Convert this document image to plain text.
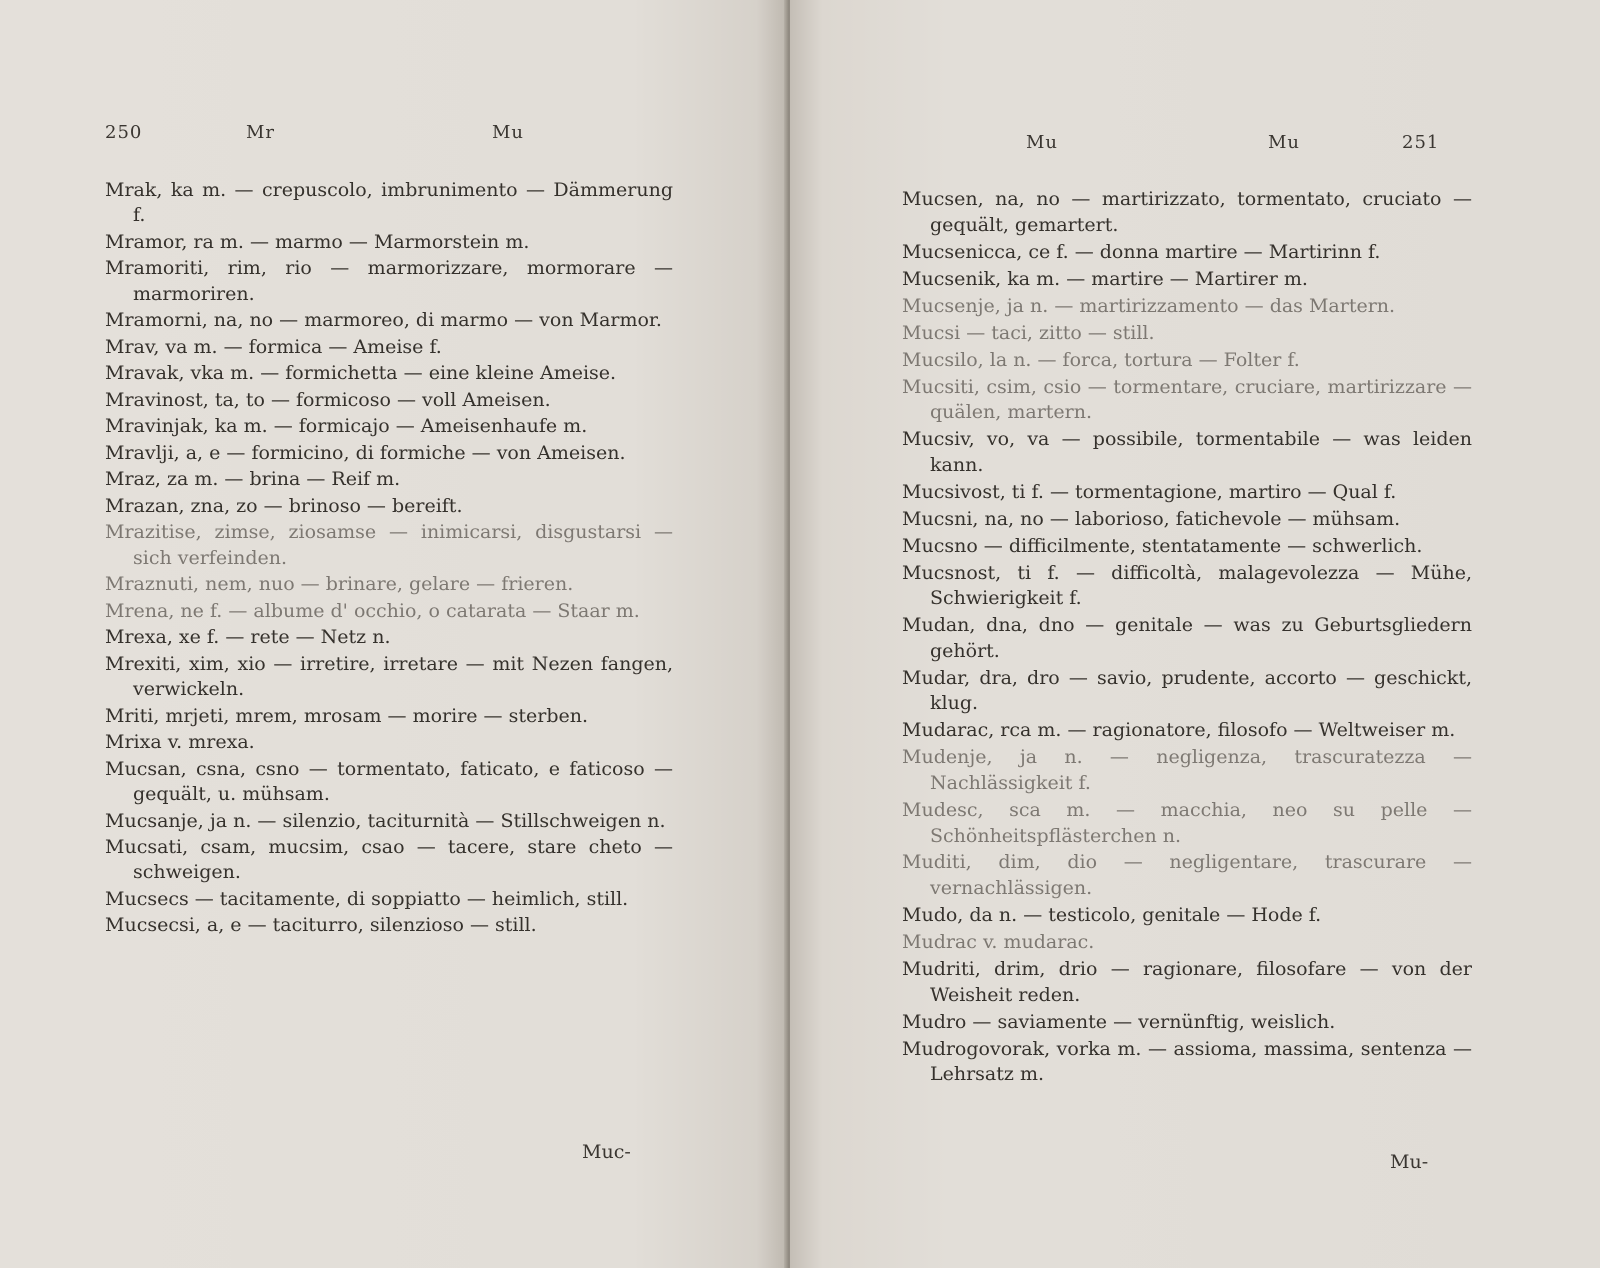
250	Mr	Mu
Mrak, ka m. — crepuscolo, imbrunimento — Dämmerung f.
Mramor, ra m. — marmo — Marmorstein m.
Mramoriti, rim, rio — marmorizzare, mormorare — marmoriren.
Mramorni, na, no — marmoreo, di marmo — von Marmor.
Mrav, va m. — formica — Ameise f.
Mravak, vka m. — formichetta — eine kleine Ameise.
Mravinost, ta, to — formicoso — voll Ameisen.
Mravinjak, ka m. — formicajo — Ameisenhaufe m.
Mravlji, a, e — formicino, di formiche — von Ameisen.
Mraz, za m. — brina — Reif m.
Mrazan, zna, zo — brinoso — bereift.
Mrazitise, zimse, ziosamse — inimicarsi, disgustarsi — sich verfeinden.
Mraznuti, nem, nuo — brinare, gelare — frieren.
Mrena, ne f. — albume d' occhio, o catarata — Staar m.
Mrexa, xe f. — rete — Netz n.
Mrexiti, xim, xio — irretire, irretare — mit Nezen fangen, verwickeln.
Mriti, mrjeti, mrem, mrosam — morire — sterben.
Mrixa v. mrexa.
Mucsan, csna, csno — tormentato, faticato, e faticoso — gequält, u. mühsam.
Mucsanje, ja n. — silenzio, taciturnità — Stillschweigen n.
Mucsati, csam, mucsim, csao — tacere, stare cheto — schweigen.
Mucsecs — tacitamente, di soppiatto — heimlich, still.
Mucsecsi, a, e — taciturro, silenzioso — still.
Muc-
Mu	Mu	251
Mucsen, na, no — martirizzato, tormentato, cruciato — gequält, gemartert.
Mucsenicca, ce f. — donna martire — Martirinn f.
Mucsenik, ka m. — martire — Martirer m.
Mucsenje, ja n. — martirizzamento — das Martern.
Mucsi — taci, zitto — still.
Mucsilo, la n. — forca, tortura — Folter f.
Mucsiti, csim, csio — tormentare, cruciare, martirizzare — quälen, martern.
Mucsiv, vo, va — possibile, tormentabile — was leiden kann.
Mucsivost, ti f. — tormentagione, martiro — Qual f.
Mucsni, na, no — laborioso, fatichevole — mühsam.
Mucsno — difficilmente, stentatamente — schwerlich.
Mucsnost, ti f. — difficoltà, malagevolezza — Mühe, Schwierigkeit f.
Mudan, dna, dno — genitale — was zu Geburtsgliedern gehört.
Mudar, dra, dro — savio, prudente, accorto — geschickt, klug.
Mudarac, rca m. — ragionatore, filosofo — Weltweiser m.
Mudenje, ja n. — negligenza, trascuratezza — Nachlässigkeit f.
Mudesc, sca m. — macchia, neo su pelle — Schönheitspflästerchen n.
Muditi, dim, dio — negligentare, trascurare — vernachlässigen.
Mudo, da n. — testicolo, genitale — Hode f.
Mudrac v. mudarac.
Mudriti, drim, drio — ragionare, filosofare — von der Weisheit reden.
Mudro — saviamente — vernünftig, weislich.
Mudrogovorak, vorka m. — assioma, massima, sentenza — Lehrsatz m.
Mu-
